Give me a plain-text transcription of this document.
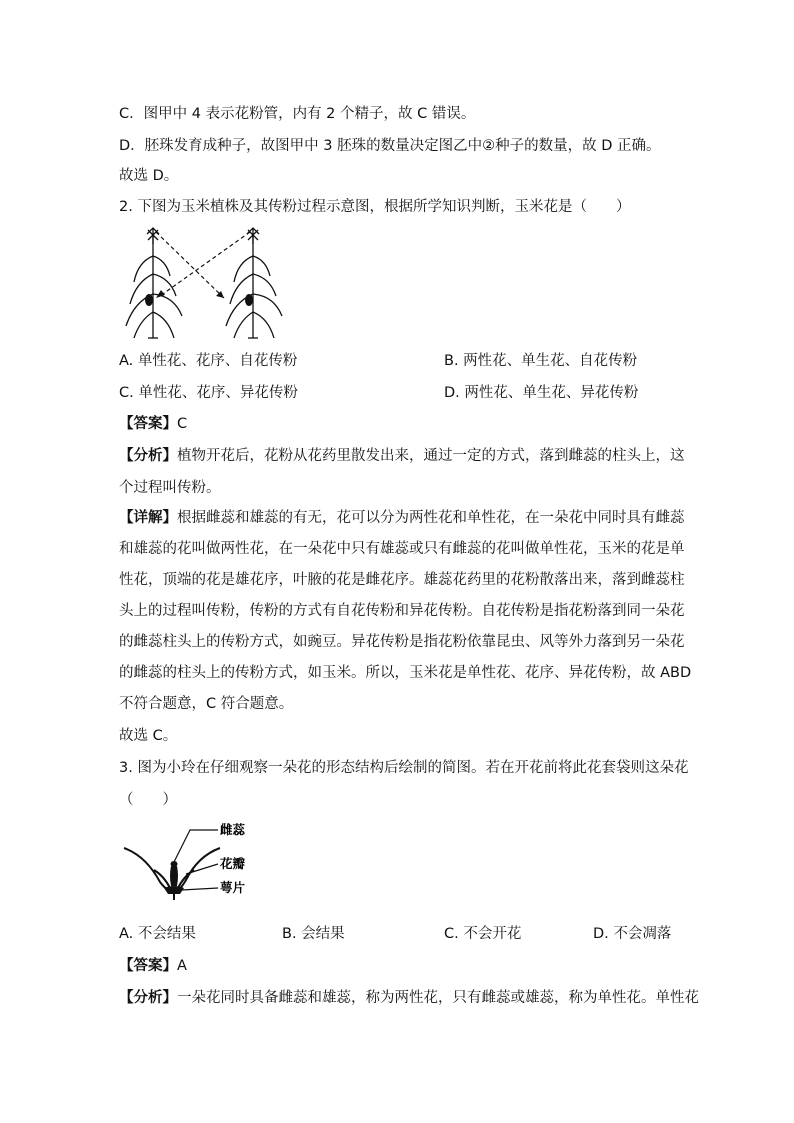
C．图甲中 4 表示花粉管，内有 2 个精子，故 C 错误。
D．胚珠发育成种子，故图甲中 3 胚珠的数量决定图乙中②种子的数量，故 D 正确。
故选 D。
2. 下图为玉米植株及其传粉过程示意图，根据所学知识判断，玉米花是（　　）
A. 单性花、花序、自花传粉	B. 两性花、单生花、自花传粉
C. 单性花、花序、异花传粉	D. 两性花、单生花、异花传粉
【答案】C
【分析】植物开花后，花粉从花药里散发出来，通过一定的方式，落到雌蕊的柱头上，这
个过程叫传粉。
【详解】根据雌蕊和雄蕊的有无，花可以分为两性花和单性花，在一朵花中同时具有雌蕊
和雄蕊的花叫做两性花，在一朵花中只有雄蕊或只有雌蕊的花叫做单性花，玉米的花是单
性花，顶端的花是雄花序，叶腋的花是雌花序。雄蕊花药里的花粉散落出来，落到雌蕊柱
头上的过程叫传粉，传粉的方式有自花传粉和异花传粉。自花传粉是指花粉落到同一朵花
的雌蕊柱头上的传粉方式，如豌豆。异花传粉是指花粉依靠昆虫、风等外力落到另一朵花
的雌蕊的柱头上的传粉方式，如玉米。所以，玉米花是单性花、花序、异花传粉，故 ABD
不符合题意，C 符合题意。
故选 C。
3. 图为小玲在仔细观察一朵花的形态结构后绘制的简图。若在开花前将此花套袋则这朵花
（　　）
雌蕊
花瓣
萼片
A. 不会结果	B. 会结果	C. 不会开花	D. 不会凋落
【答案】A
【分析】一朵花同时具备雌蕊和雄蕊，称为两性花，只有雌蕊或雄蕊，称为单性花。单性花
